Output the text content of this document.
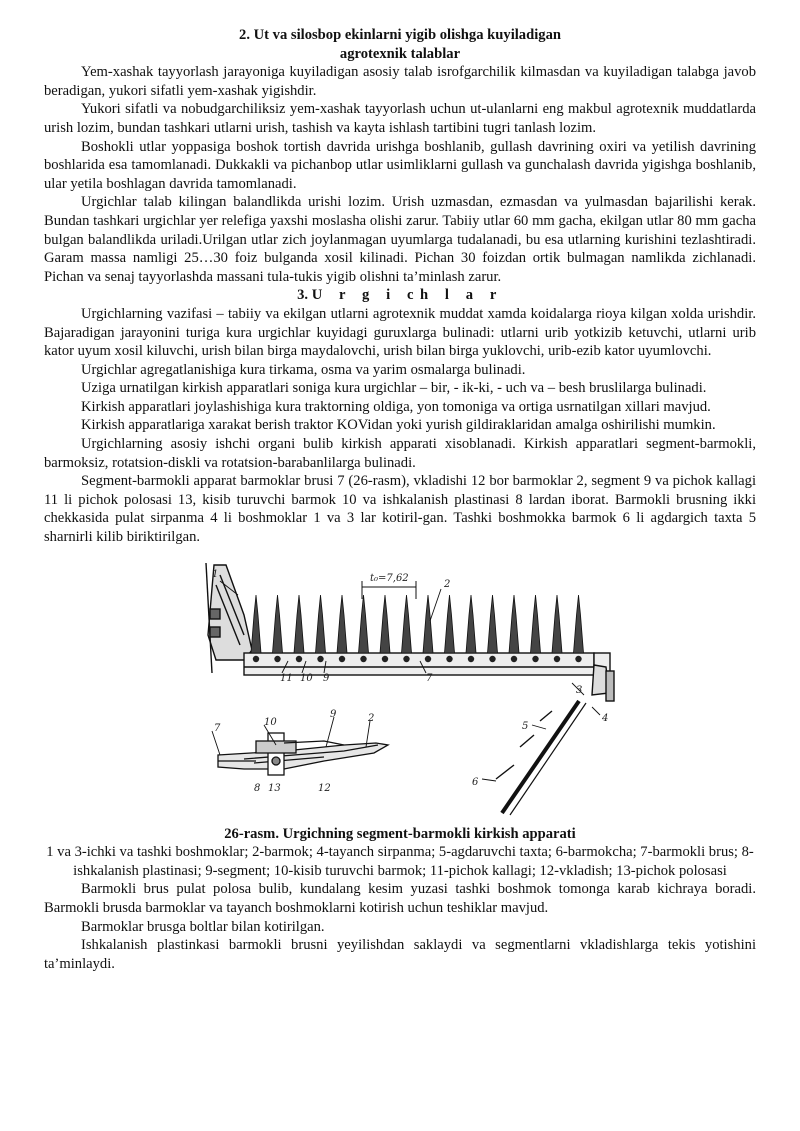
2. Ut va silosbop ekinlarni yigib olishga kuyiladigan

agrotexnik talablar

Yem-xashak tayyorlash jarayoniga kuyiladigan asosiy talab isrofgarchilik kilmasdan va kuyiladigan talabga javob beradigan, yukori sifatli yem-xashak yigishdir.

Yukori sifatli va nobudgarchiliksiz yem-xashak tayyorlash uchun ut-ulanlarni eng makbul agrotexnik muddatlarda urish lozim, bundan tashkari utlarni urish, tashish va kayta ishlash tartibini tugri tanlash lozim.

Boshokli utlar yoppasiga boshok tortish davrida urishga boshlanib, gullash davrining oxiri va yetilish davrining boshlarida esa tamomlanadi. Dukkakli va pichanbop utlar usimliklarni gullash va gunchalash davrida yigishga boshlanib, ular yetila boshlagan davrida tamomlanadi.

Urgichlar talab kilingan balandlikda urishi lozim. Urish uzmasdan, ezmasdan va yulmasdan bajarilishi kerak. Bundan tashkari urgichlar yer relefiga yaxshi moslasha olishi zarur. Tabiiy utlar 60 mm gacha, ekilgan utlar 80 mm gacha bulgan balandlikda uriladi.Urilgan utlar zich joylanmagan uyumlarga tudalanadi, bu esa utlarning kurishini tezlashtiradi. Garam massa namligi 25…30 foiz bulganda xosil kilinadi. Pichan 30 foizdan ortik bulmagan namlikda zichlanadi. Pichan va senaj tayyorlashda massani tula-tukis yigib olishni ta’minlash zarur.

3. U r g i ch l a r

Urgichlarning vazifasi – tabiiy va ekilgan utlarni agrotexnik muddat xamda koidalarga rioya kilgan xolda urishdir. Bajaradigan jarayonini turiga kura urgichlar kuyidagi guruxlarga bulinadi: utlarni urib yotkizib ketuvchi, utlarni urib kator uyum xosil kiluvchi, urish bilan birga maydalovchi, urish bilan birga yuklovchi, urib-ezib kator uyumlovchi.

Urgichlar agregatlanishiga kura tirkama, osma va yarim osmalarga bulinadi.

Uziga urnatilgan kirkish apparatlari soniga kura urgichlar – bir, - ik-ki, - uch va – besh bruslilarga bulinadi.

Kirkish apparatlari joylashishiga kura traktorning oldiga, yon tomoniga va ortiga usrnatilgan xillari mavjud.

Kirkish apparatlariga xarakat berish traktor KOVidan yoki yurish gildiraklaridan amalga oshirilishi mumkin.

Urgichlarning asosiy ishchi organi bulib kirkish apparati xisoblanadi. Kirkish apparatlari segment-barmokli, barmoksiz, rotatsion-diskli va rotatsion-barabanlilarga bulinadi.

Segment-barmokli apparat barmoklar brusi 7 (26-rasm), vkladishi 12 bor barmoklar 2, segment 9 va pichok kallagi 11 li pichok polosasi 13, kisib turuvchi barmok 10 va ishkalanish plastinasi 8 lardan iborat. Barmokli brusning ikki chekkasida pulat sirpanma 4 li boshmoklar 1 va 3 lar kotiril-gan. Tashki boshmokka barmok 6 li agdargich taxta 5 sharnirli kilib biriktirilgan.

t₀=7,62
1
2
3
4
5
6
7
11 10 9
7
10
9	2
8 13	12

26-rasm. Urgichning segment-barmokli kirkish apparati

1 va 3-ichki va tashki boshmoklar; 2-barmok; 4-tayanch sirpanma; 5-agdaruvchi taxta; 6-barmokcha; 7-barmokli brus; 8-ishkalanish plastinasi; 9-segment; 10-kisib turuvchi barmok; 11-pichok kallagi; 12-vkladish; 13-pichok polosasi

Barmokli brus pulat polosa bulib, kundalang kesim yuzasi tashki boshmok tomonga karab kichraya boradi. Barmokli brusda barmoklar va tayanch boshmoklarni kotirish uchun teshiklar mavjud.

Barmoklar brusga boltlar bilan kotirilgan.

Ishkalanish plastinkasi barmokli brusni yeyilishdan saklaydi va segmentlarni vkladishlarga tekis yotishini ta’minlaydi.
